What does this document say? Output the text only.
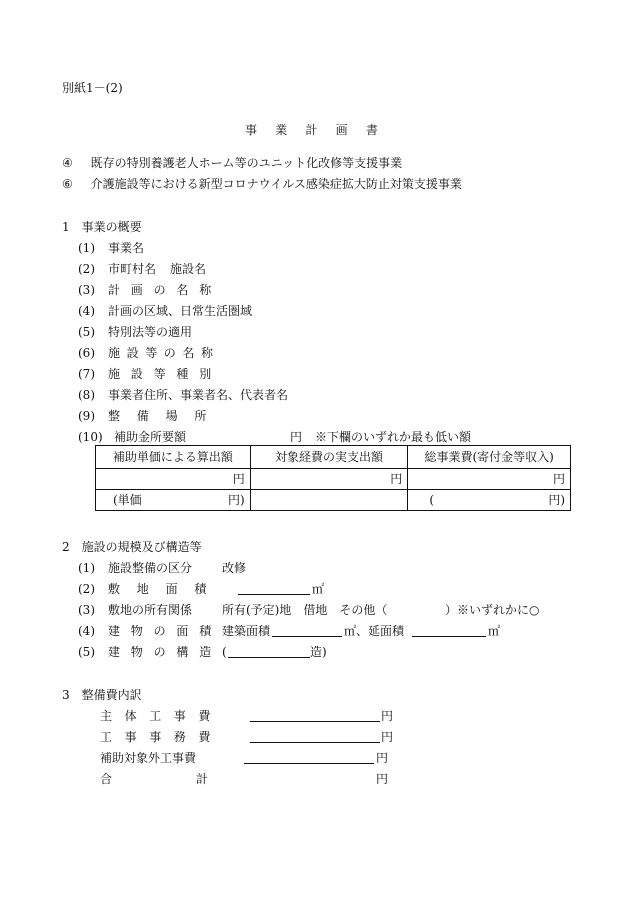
別紙1－(2)
事 業 計 画 書
④ 既存の特別養護老人ホーム等のユニット化改修等支援事業
⑥ 介護施設等における新型コロナウイルス感染症拡大防止対策支援事業
1　事業の概要
(1) 事業名
(2) 市町村名 施設名
(3) 計画の名称
(4) 計画の区域、日常生活圏域
(5) 特別法等の適用
(6) 施設等の名称
(7) 施設等種別
(8) 事業者住所、事業者名、代表者名
(9) 整備場所
(10) 補助金所要額	円 ※下欄のいずれか最も低い額
補助単価による算出額	対象経費の実支出額	総事業費(寄付金等収入)
円	円	円

(単価 円)		( 円)
2　施設の規模及び構造等
(1) 施設整備の区分 改修
(2) 敷地面積	㎡
(3) 敷地の所有関係 所有(予定)地　借地　その他（	）※いずれかに○
(4) 建物の面積 建築面積	㎡ 、延面積	㎡
(5) 建物の構造 (	造)
3　整備費内訳
主体工事費	円
工事事務費	円
補助対象外工事費	円
合	計	円
